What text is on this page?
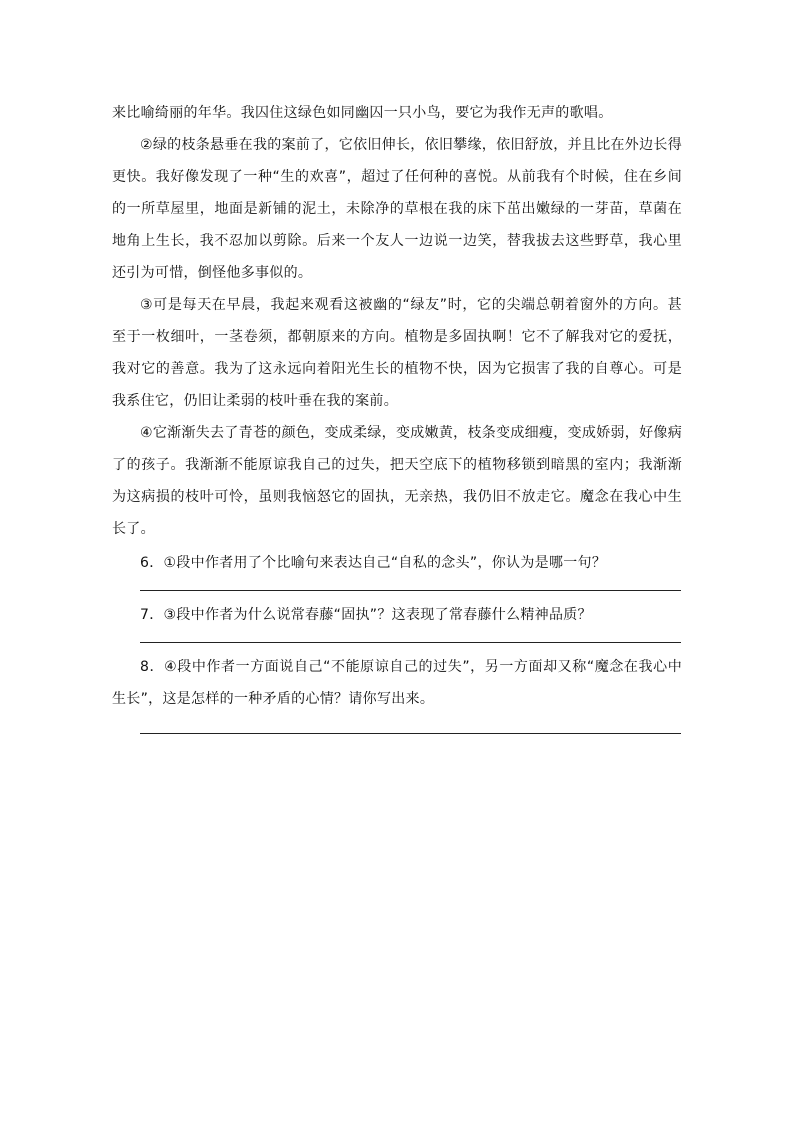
来比喻绮丽的年华。我囚住这绿色如同幽囚一只小鸟，要它为我作无声的歌唱。

②绿的枝条悬垂在我的案前了，它依旧伸长，依旧攀缘，依旧舒放，并且比在外边长得更快。我好像发现了一种“生的欢喜”，超过了任何种的喜悦。从前我有个时候，住在乡间的一所草屋里，地面是新铺的泥土，未除净的草根在我的床下茁出嫩绿的一芽苗，草菌在地角上生长，我不忍加以剪除。后来一个友人一边说一边笑，替我拔去这些野草，我心里还引为可惜，倒怪他多事似的。

③可是每天在早晨，我起来观看这被幽的“绿友”时，它的尖端总朝着窗外的方向。甚至于一枚细叶，一茎卷须，都朝原来的方向。植物是多固执啊！它不了解我对它的爱抚，我对它的善意。我为了这永远向着阳光生长的植物不快，因为它损害了我的自尊心。可是我系住它，仍旧让柔弱的枝叶垂在我的案前。

④它渐渐失去了青苍的颜色，变成柔绿，变成嫩黄，枝条变成细瘦，变成娇弱，好像病了的孩子。我渐渐不能原谅我自己的过失，把天空底下的植物移锁到暗黑的室内；我渐渐为这病损的枝叶可怜，虽则我恼怒它的固执，无亲热，我仍旧不放走它。魔念在我心中生长了。

6．①段中作者用了个比喻句来表达自己“自私的念头”，你认为是哪一句？

7．③段中作者为什么说常春藤“固执”？这表现了常春藤什么精神品质？

8．④段中作者一方面说自己“不能原谅自己的过失”，另一方面却又称“魔念在我心中生长”，这是怎样的一种矛盾的心情？请你写出来。
